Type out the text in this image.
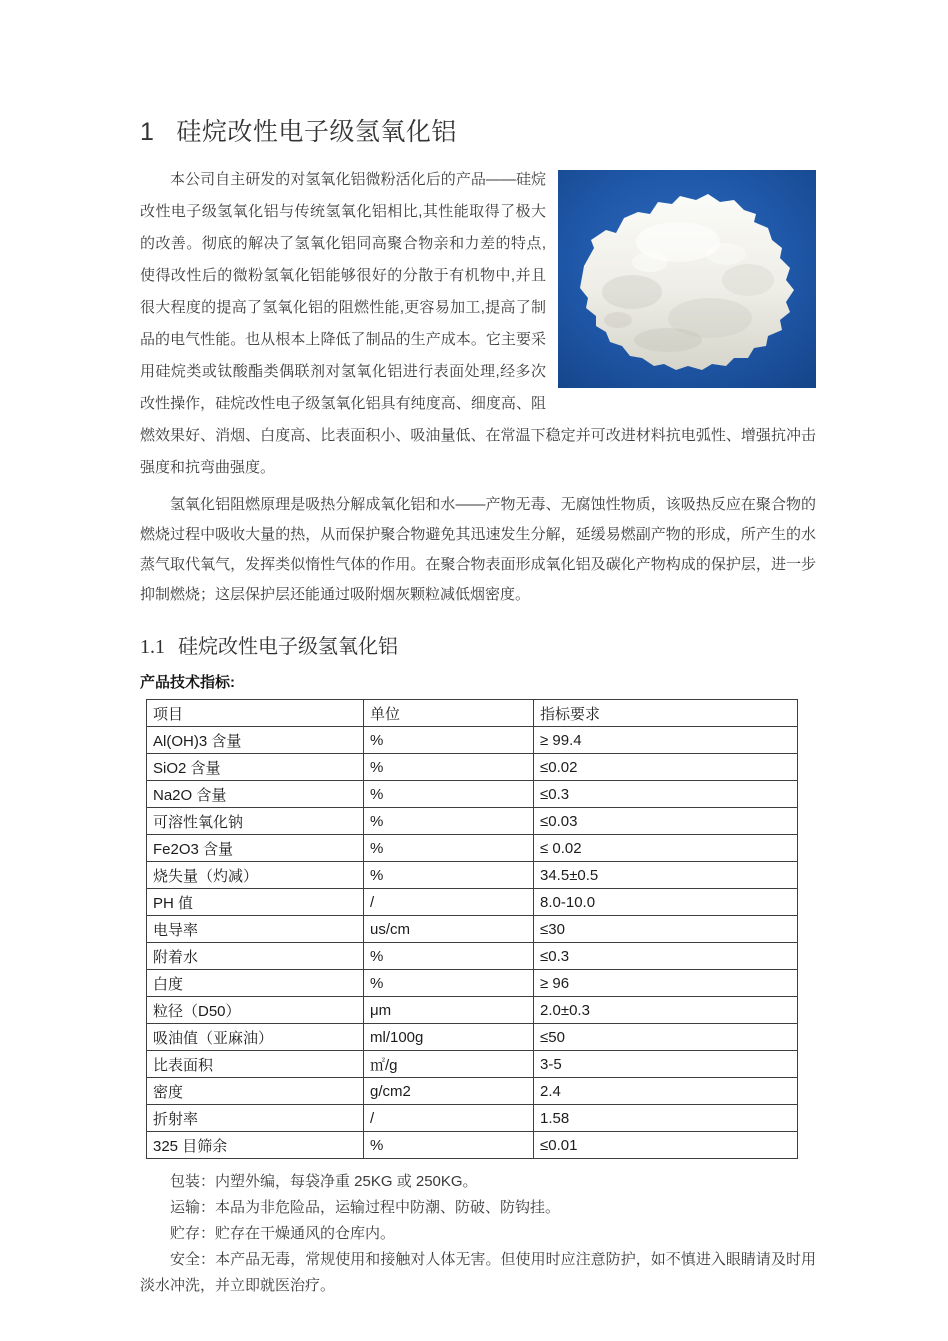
1 硅烷改性电子级氢氧化铝

本公司自主研发的对氢氧化铝微粉活化后的产品——硅烷改性电子级氢氧化铝与传统氢氧化铝相比,其性能取得了极大的改善。彻底的解决了氢氧化铝同高聚合物亲和力差的特点,使得改性后的微粉氢氧化铝能够很好的分散于有机物中,并且很大程度的提高了氢氧化铝的阻燃性能,更容易加工,提高了制品的电气性能。也从根本上降低了制品的生产成本。它主要采用硅烷类或钛酸酯类偶联剂对氢氧化铝进行表面处理,经多次改性操作，硅烷改性电子级氢氧化铝具有纯度高、细度高、阻燃效果好、消烟、白度高、比表面积小、吸油量低、在常温下稳定并可改进材料抗电弧性、增强抗冲击强度和抗弯曲强度。

氢氧化铝阻燃原理是吸热分解成氧化铝和水——产物无毒、无腐蚀性物质，该吸热反应在聚合物的燃烧过程中吸收大量的热，从而保护聚合物避免其迅速发生分解，延缓易燃副产物的形成，所产生的水蒸气取代氧气，发挥类似惰性气体的作用。在聚合物表面形成氧化铝及碳化产物构成的保护层，进一步抑制燃烧；这层保护层还能通过吸附烟灰颗粒减低烟密度。

1.1 硅烷改性电子级氢氧化铝

产品技术指标:

项目	单位	指标要求
Al(OH)3 含量	%	≥ 99.4
SiO2 含量	%	≤0.02
Na2O 含量	%	≤0.3
可溶性氧化钠	%	≤0.03
Fe2O3 含量	%	≤ 0.02
烧失量（灼减）	%	34.5±0.5
PH 值	/	8.0-10.0
电导率	us/cm	≤30
附着水	%	≤0.3
白度	%	≥ 96
粒径（D50）	μm	2.0±0.3
吸油值（亚麻油）	ml/100g	≤50
比表面积	㎡/g	3-5
密度	g/cm2	2.4
折射率	/	1.58
325 目筛余	%	≤0.01

包装：内塑外编，每袋净重 25KG 或 250KG。

运输：本品为非危险品，运输过程中防潮、防破、防钩挂。

贮存：贮存在干燥通风的仓库内。

安全：本产品无毒，常规使用和接触对人体无害。但使用时应注意防护，如不慎进入眼睛请及时用淡水冲洗，并立即就医治疗。
